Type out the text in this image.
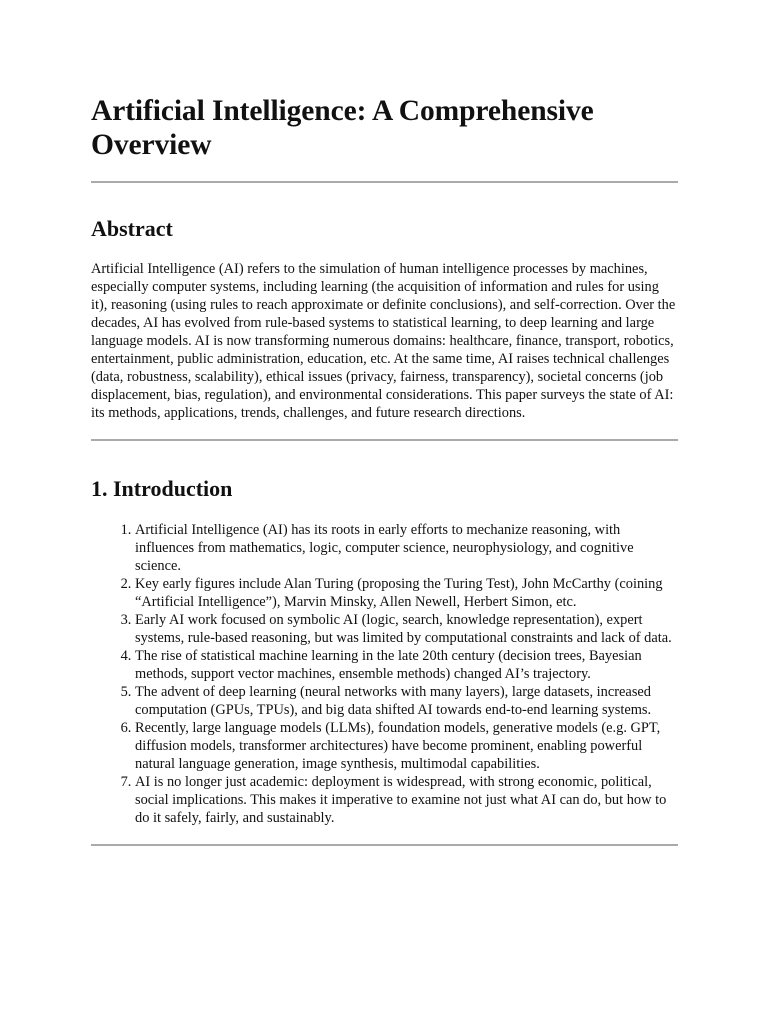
Artificial Intelligence: A Comprehensive Overview
Abstract

Artificial Intelligence (AI) refers to the simulation of human intelligence processes by machines, especially computer systems, including learning (the acquisition of information and rules for using it), reasoning (using rules to reach approximate or definite conclusions), and self-correction. Over the decades, AI has evolved from rule-based systems to statistical learning, to deep learning and large language models. AI is now transforming numerous domains: healthcare, finance, transport, robotics, entertainment, public administration, education, etc. At the same time, AI raises technical challenges (data, robustness, scalability), ethical issues (privacy, fairness, transparency), societal concerns (job displacement, bias, regulation), and environmental considerations. This paper surveys the state of AI: its methods, applications, trends, challenges, and future research directions.

1. Introduction
1. Artificial Intelligence (AI) has its roots in early efforts to mechanize reasoning, with influences from mathematics, logic, computer science, neurophysiology, and cognitive science.
2. Key early figures include Alan Turing (proposing the Turing Test), John McCarthy (coining “Artificial Intelligence”), Marvin Minsky, Allen Newell, Herbert Simon, etc.
3. Early AI work focused on symbolic AI (logic, search, knowledge representation), expert systems, rule-based reasoning, but was limited by computational constraints and lack of data.
4. The rise of statistical machine learning in the late 20th century (decision trees, Bayesian methods, support vector machines, ensemble methods) changed AI’s trajectory.
5. The advent of deep learning (neural networks with many layers), large datasets, increased computation (GPUs, TPUs), and big data shifted AI towards end-to-end learning systems.
6. Recently, large language models (LLMs), foundation models, generative models (e.g. GPT, diffusion models, transformer architectures) have become prominent, enabling powerful natural language generation, image synthesis, multimodal capabilities.
7. AI is no longer just academic: deployment is widespread, with strong economic, political, social implications. This makes it imperative to examine not just what AI can do, but how to do it safely, fairly, and sustainably.
